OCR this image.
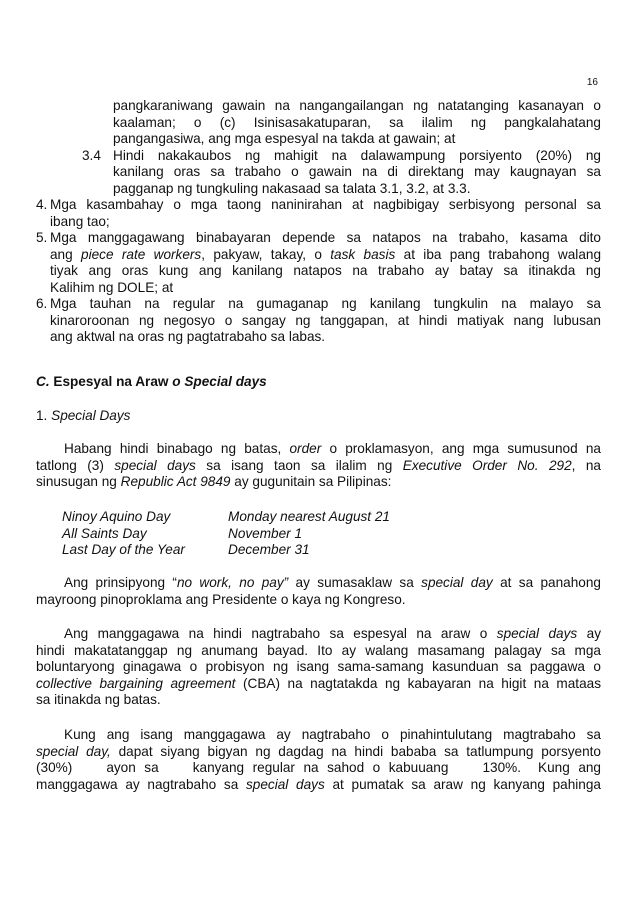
16
pangkaraniwang gawain na nangangailangan ng natatanging kasanayan o
kaalaman; o (c) Isinisasakatuparan, sa ilalim ng pangkalahatang
pangangasiwa, ang mga espesyal na takda at gawain; at
3.4 Hindi nakakaubos ng mahigit na dalawampung porsiyento (20%) ng
kanilang oras sa trabaho o gawain na di direktang may kaugnayan sa
pagganap ng tungkuling nakasaad sa talata 3.1, 3.2, at 3.3.
4. Mga kasambahay o mga taong naninirahan at nagbibigay serbisyong personal sa
ibang tao;
5. Mga manggagawang binabayaran depende sa natapos na trabaho, kasama dito
ang piece rate workers, pakyaw, takay, o task basis at iba pang trabahong walang
tiyak ang oras kung ang kanilang natapos na trabaho ay batay sa itinakda ng
Kalihim ng DOLE; at
6. Mga tauhan na regular na gumaganap ng kanilang tungkulin na malayo sa
kinaroroonan ng negosyo o sangay ng tanggapan, at hindi matiyak nang lubusan
ang aktwal na oras ng pagtatrabaho sa labas.
C. Espesyal na Araw o Special days
1. Special Days
Habang hindi binabago ng batas, order o proklamasyon, ang mga sumusunod na
tatlong (3) special days sa isang taon sa ilalim ng Executive Order No. 292, na
sinusugan ng Republic Act 9849 ay gugunitain sa Pilipinas:
Ninoy Aquino Day	Monday nearest August 21
All Saints Day	November 1
Last Day of the Year	December 31
Ang prinsipyong “no work, no pay” ay sumasaklaw sa special day at sa panahong
mayroong pinoproklama ang Presidente o kaya ng Kongreso.
Ang manggagawa na hindi nagtrabaho sa espesyal na araw o special days ay
hindi makatatanggap ng anumang bayad. Ito ay walang masamang palagay sa mga
boluntaryong ginagawa o probisyon ng isang sama-samang kasunduan sa paggawa o
collective bargaining agreement (CBA) na nagtatakda ng kabayaran na higit na mataas
sa itinakda ng batas.
Kung ang isang manggagawa ay nagtrabaho o pinahintulutang magtrabaho sa
special day, dapat siyang bigyan ng dagdag na hindi bababa sa tatlumpung porsyento
(30%)    ayon sa    kanyang regular na sahod o kabuuang    130%.  Kung ang
manggagawa ay nagtrabaho sa special days at pumatak sa araw ng kanyang pahinga
